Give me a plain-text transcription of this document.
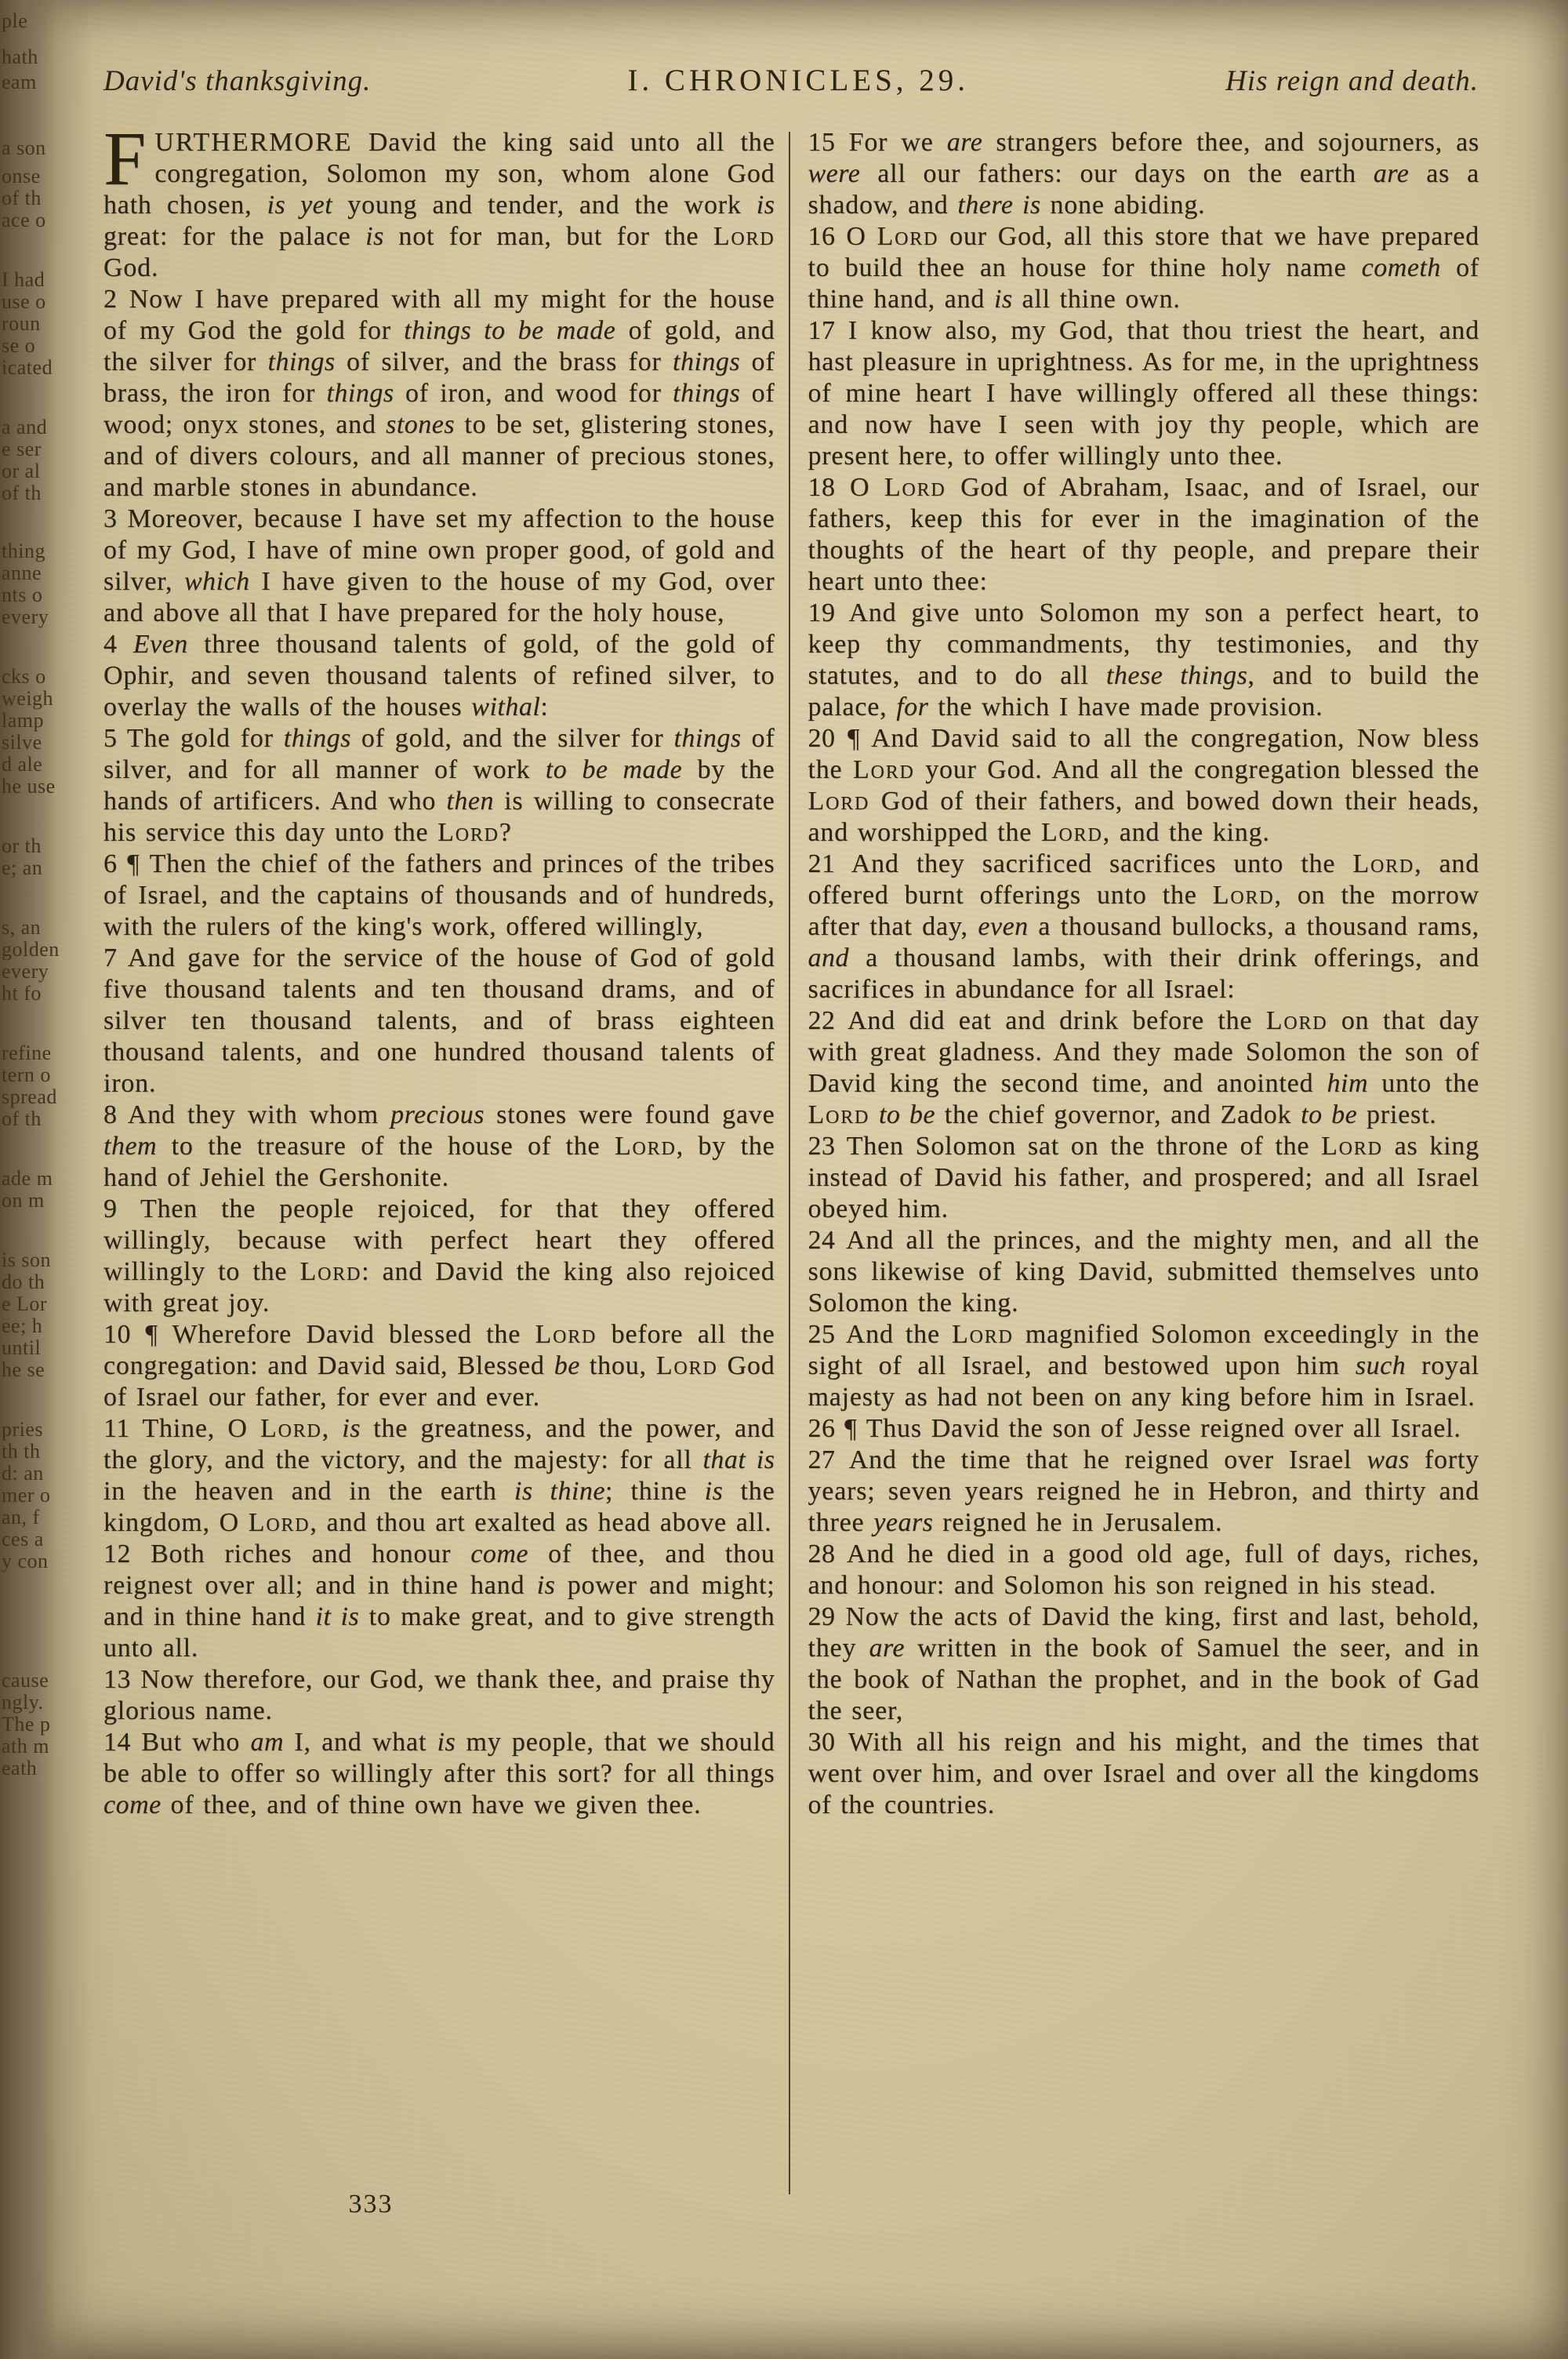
ple
hath
eam
a son
onse
of th
ace o
I had
use o
roun
se o
icated
a and
e ser
or al
of th
thing
anne
nts o
every
cks o
weigh
lamp
silve
d ale
he use
or th
e; an
s, an
golden
every
ht fo
refine
tern o
spread
of th
ade m
on m
is son
do th
e Lor
ee; h
until
he se
pries
th th
d: an
mer o
an, f
ces a
y con
cause
ngly.
The p
ath m
eath
David's thanksgiving.	I. CHRONICLES, 29.	His reign and death.

FURTHERMORE David the king said unto all the congregation, Solomon my son, whom alone God hath chosen, is yet young and tender, and the work is great: for the palace is not for man, but for the Lord God.

2 Now I have prepared with all my might for the house of my God the gold for things to be made of gold, and the silver for things of silver, and the brass for things of brass, the iron for things of iron, and wood for things of wood; onyx stones, and stones to be set, glistering stones, and of divers colours, and all manner of precious stones, and marble stones in abundance.

3 Moreover, because I have set my affection to the house of my God, I have of mine own proper good, of gold and silver, which I have given to the house of my God, over and above all that I have prepared for the holy house,

4 Even three thousand talents of gold, of the gold of Ophir, and seven thousand talents of refined silver, to overlay the walls of the houses withal:

5 The gold for things of gold, and the silver for things of silver, and for all manner of work to be made by the hands of artificers. And who then is willing to consecrate his service this day unto the Lord?

6 ¶ Then the chief of the fathers and princes of the tribes of Israel, and the captains of thousands and of hundreds, with the rulers of the king's work, offered willingly,

7 And gave for the service of the house of God of gold five thousand talents and ten thousand drams, and of silver ten thousand talents, and of brass eighteen thousand talents, and one hundred thousand talents of iron.

8 And they with whom precious stones were found gave them to the treasure of the house of the Lord, by the hand of Jehiel the Gershonite.

9 Then the people rejoiced, for that they offered willingly, because with perfect heart they offered willingly to the Lord: and David the king also rejoiced with great joy.

10 ¶ Wherefore David blessed the Lord before all the congregation: and David said, Blessed be thou, Lord God of Israel our father, for ever and ever.

11 Thine, O Lord, is the greatness, and the power, and the glory, and the victory, and the majesty: for all that is in the heaven and in the earth is thine; thine is the kingdom, O Lord, and thou art exalted as head above all.

12 Both riches and honour come of thee, and thou reignest over all; and in thine hand is power and might; and in thine hand it is to make great, and to give strength unto all.

13 Now therefore, our God, we thank thee, and praise thy glorious name.

14 But who am I, and what is my people, that we should be able to offer so willingly after this sort? for all things come of thee, and of thine own have we given thee.

15 For we are strangers before thee, and sojourners, as were all our fathers: our days on the earth are as a shadow, and there is none abiding.

16 O Lord our God, all this store that we have prepared to build thee an house for thine holy name cometh of thine hand, and is all thine own.

17 I know also, my God, that thou triest the heart, and hast pleasure in uprightness. As for me, in the uprightness of mine heart I have willingly offered all these things: and now have I seen with joy thy people, which are present here, to offer willingly unto thee.

18 O Lord God of Abraham, Isaac, and of Israel, our fathers, keep this for ever in the imagination of the thoughts of the heart of thy people, and prepare their heart unto thee:

19 And give unto Solomon my son a perfect heart, to keep thy commandments, thy testimonies, and thy statutes, and to do all these things, and to build the palace, for the which I have made provision.

20 ¶ And David said to all the congregation, Now bless the Lord your God. And all the congregation blessed the Lord God of their fathers, and bowed down their heads, and worshipped the Lord, and the king.

21 And they sacrificed sacrifices unto the Lord, and offered burnt offerings unto the Lord, on the morrow after that day, even a thousand bullocks, a thousand rams, and a thousand lambs, with their drink offerings, and sacrifices in abundance for all Israel:

22 And did eat and drink before the Lord on that day with great gladness. And they made Solomon the son of David king the second time, and anointed him unto the Lord to be the chief governor, and Zadok to be priest.

23 Then Solomon sat on the throne of the Lord as king instead of David his father, and prospered; and all Israel obeyed him.

24 And all the princes, and the mighty men, and all the sons likewise of king David, submitted themselves unto Solomon the king.

25 And the Lord magnified Solomon exceedingly in the sight of all Israel, and bestowed upon him such royal majesty as had not been on any king before him in Israel.

26 ¶ Thus David the son of Jesse reigned over all Israel.

27 And the time that he reigned over Israel was forty years; seven years reigned he in Hebron, and thirty and three years reigned he in Jerusalem.

28 And he died in a good old age, full of days, riches, and honour: and Solomon his son reigned in his stead.

29 Now the acts of David the king, first and last, behold, they are written in the book of Samuel the seer, and in the book of Nathan the prophet, and in the book of Gad the seer,

30 With all his reign and his might, and the times that went over him, and over Israel and over all the kingdoms of the countries.

333
